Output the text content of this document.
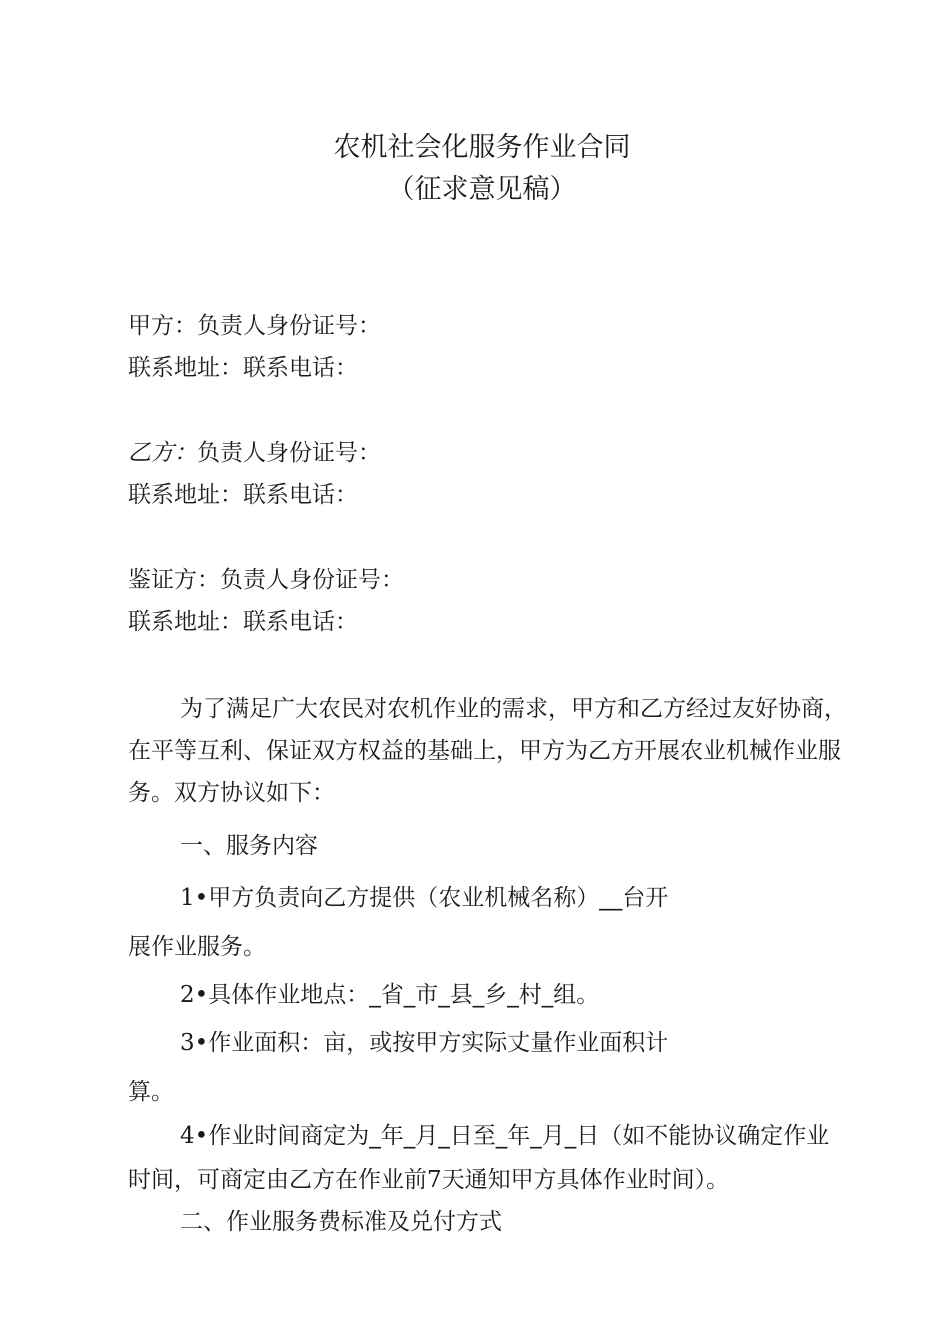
农机社会化服务作业合同
（征求意见稿）
甲方：负责人身份证号：
联系地址：联系电话：
乙方：负责人身份证号：
联系地址：联系电话：
鉴证方：负责人身份证号：
联系地址：联系电话：

为了满足广大农民对农机作业的需求，甲方和乙方经过友好协商，在平等互利、保证双方权益的基础上，甲方为乙方开展农业机械作业服务。双方协议如下：

一、服务内容
1•甲方负责向乙方提供（农业机械名称）__台开
展作业服务。
2•具体作业地点：_省_市_县_乡_村_组。
3•作业面积：亩，或按甲方实际丈量作业面积计
算。
4•作业时间商定为_年_月_日至_年_月_日（如不能协议确定作业
时间，可商定由乙方在作业前7天通知甲方具体作业时间）。
二、作业服务费标准及兑付方式
